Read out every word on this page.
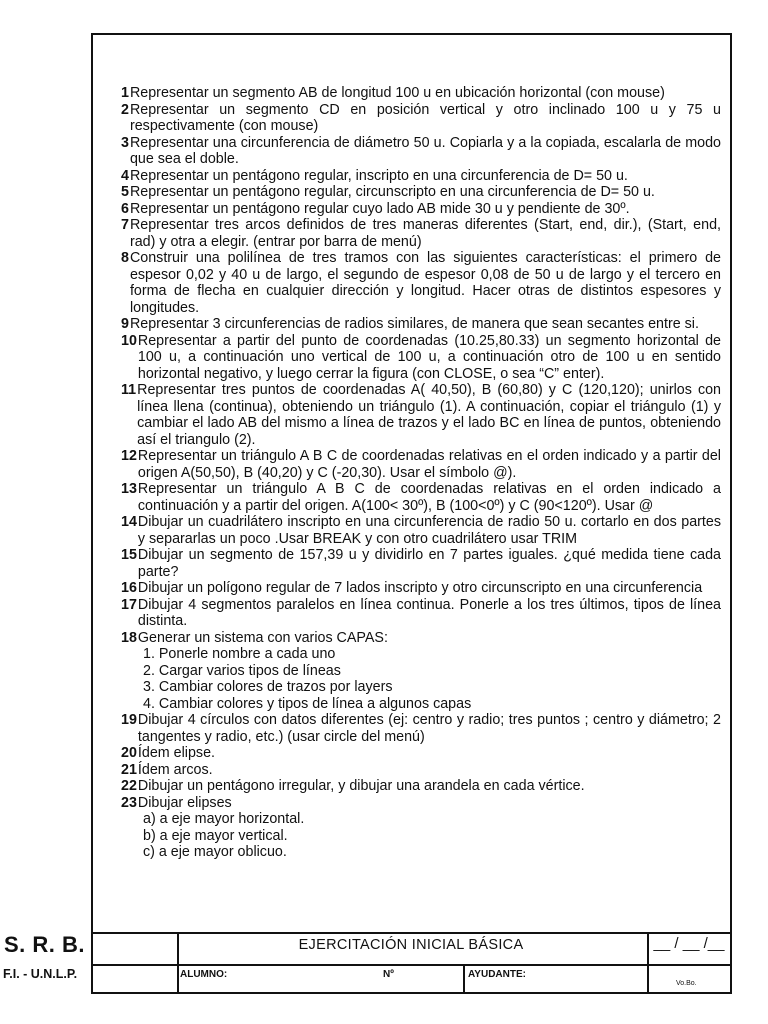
1 Representar un segmento AB de longitud 100 u en ubicación horizontal (con mouse)
2 Representar un segmento CD en posición vertical y otro inclinado 100 u y 75 u respectivamente (con mouse)
3 Representar una circunferencia de diámetro 50 u. Copiarla y a la copiada, escalarla de modo que sea el doble.
4 Representar un pentágono regular, inscripto en una circunferencia de D= 50 u.
5 Representar un pentágono regular, circunscripto en una circunferencia de D= 50 u.
6 Representar un pentágono regular cuyo lado AB mide 30 u y pendiente de 30º.
7 Representar tres arcos definidos de tres maneras diferentes (Start, end, dir.), (Start, end, rad) y otra a elegir. (entrar por barra de menú)
8 Construir una polilínea de tres tramos con las siguientes características: el primero de espesor 0,02 y 40 u de largo, el segundo de espesor 0,08 de 50 u de largo y el tercero en forma de flecha en cualquier dirección y longitud. Hacer otras de distintos espesores y longitudes.
9 Representar 3 circunferencias de radios similares, de manera que sean secantes entre si.
10 Representar a partir del punto de coordenadas (10.25,80.33) un segmento horizontal de 100 u, a continuación uno vertical de 100 u, a continuación otro de 100 u en sentido horizontal negativo, y luego cerrar la figura (con CLOSE, o sea “C” enter).
11 Representar tres puntos de coordenadas A( 40,50), B (60,80) y C (120,120); unirlos con línea llena (continua), obteniendo un triángulo (1). A continuación, copiar el triángulo (1) y cambiar el lado AB del mismo a línea de trazos y el lado BC en línea de puntos, obteniendo así el triangulo (2).
12 Representar un triángulo A B C de coordenadas relativas en el orden indicado y a partir del origen A(50,50), B (40,20) y C (-20,30). Usar el símbolo @).
13 Representar un triángulo A B C de coordenadas relativas en el orden indicado a continuación y a partir del origen. A(100< 30º), B (100<0º) y C (90<120º). Usar @
14 Dibujar un cuadrilátero inscripto en una circunferencia de radio 50 u. cortarlo en dos partes y separarlas un poco .Usar BREAK y con otro cuadrilátero usar TRIM
15 Dibujar un segmento de 157,39 u y dividirlo en 7 partes iguales. ¿qué medida tiene cada parte?
16 Dibujar un polígono regular de 7 lados inscripto y otro circunscripto en una circunferencia
17 Dibujar 4 segmentos paralelos en línea continua. Ponerle a los tres últimos, tipos de línea distinta.
18 Generar un sistema con varios CAPAS:
1. Ponerle nombre a cada uno
2. Cargar varios tipos de líneas
3. Cambiar colores de trazos por layers
4. Cambiar colores y tipos de línea a algunos capas
19 Dibujar 4 círculos con datos diferentes (ej: centro y radio; tres puntos ; centro y diámetro; 2 tangentes y radio, etc.) (usar circle del menú)
20 Ídem elipse.
21 Ídem arcos.
22 Dibujar un pentágono irregular, y dibujar una arandela en cada vértice.
23 Dibujar elipses
a) a eje mayor horizontal.
b) a eje mayor vertical.
c) a eje mayor oblicuo.
S. R. B.
F.I. - U.N.L.P.
EJERCITACIÓN INICIAL BÁSICA	__ / __ /__
ALUMNO:	Nº	AYUDANTE:
Vo.Bo.
